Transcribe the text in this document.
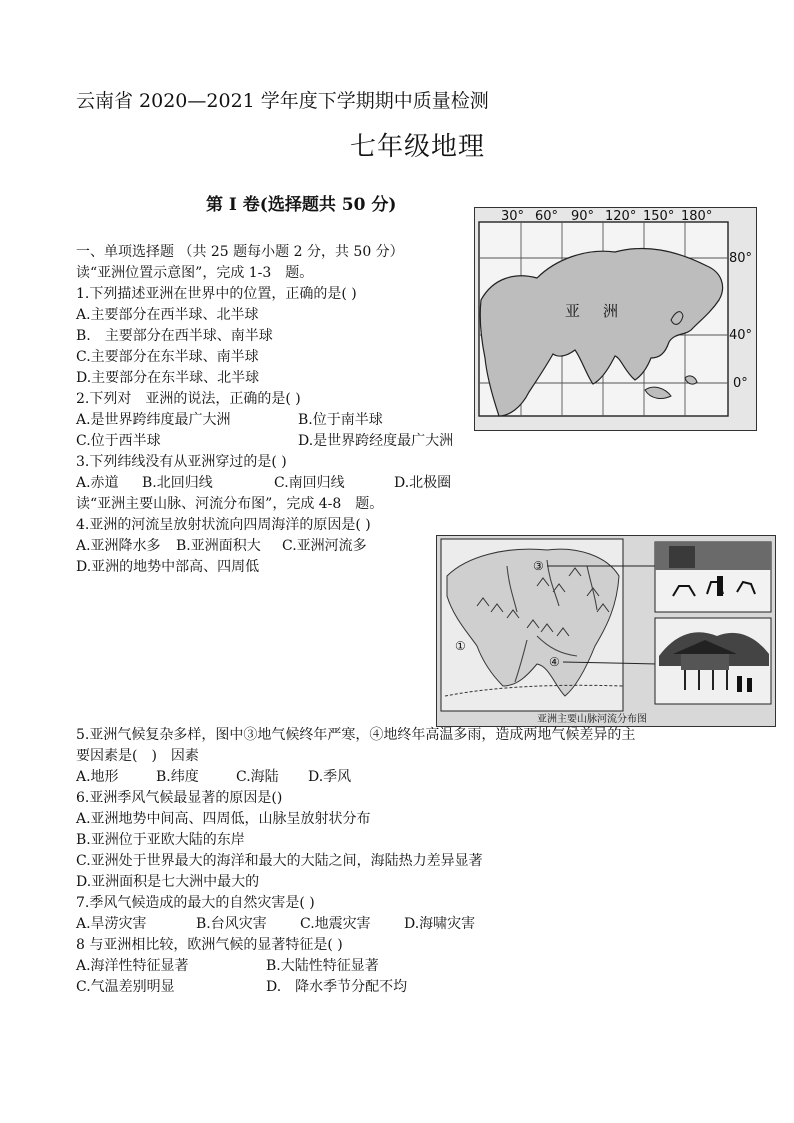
云南省 2020—2021 学年度下学期期中质量检测
七年级地理
第 I 卷(选择题共 50 分)
30° 60° 90° 120° 150° 180°
80°
40°
0°
亚 洲
③
④
①
亚洲主要山脉河流分布图
一、单项选择题 （共 25 题每小题 2 分，共 50 分）
读“亚洲位置示意图”，完成 1-3　题。
1.下列描述亚洲在世界中的位置，正确的是( )
A.主要部分在西半球、北半球
B.　主要部分在西半球、南半球
C.主要部分在东半球、南半球
D.主要部分在东半球、北半球
2.下列对　亚洲的说法，正确的是( )
A.是世界跨纬度最广大洲	B.位于南半球
C.位于西半球	D.是世界跨经度最广大洲
3.下列纬线没有从亚洲穿过的是( )
A.赤道 B.北回归线	C.南回归线	D.北极圈
读“亚洲主要山脉、河流分布图”，完成 4-8　题。
4.亚洲的河流呈放射状流向四周海洋的原因是( )
A.亚洲降水多 B.亚洲面积大 C.亚洲河流多
D.亚洲的地势中部高、四周低
5.亚洲气候复杂多样，图中③地气候终年严寒，④地终年高温多雨，造成两地气候差异的主
要因素是(　)　因素
A.地形	B.纬度	C.海陆 D.季风
6.亚洲季风气候最显著的原因是()
A.亚洲地势中间高、四周低，山脉呈放射状分布
B.亚洲位于亚欧大陆的东岸
C.亚洲处于世界最大的海洋和最大的大陆之间，海陆热力差异显著
D.亚洲面积是七大洲中最大的
7.季风气候造成的最大的自然灾害是( )
A.旱涝灾害	B.台风灾害 C.地震灾害 D.海啸灾害
8 与亚洲相比较，欧洲气候的显著特征是( )
A.海洋性特征显著	B.大陆性特征显著
C.气温差别明显	D.　降水季节分配不均
